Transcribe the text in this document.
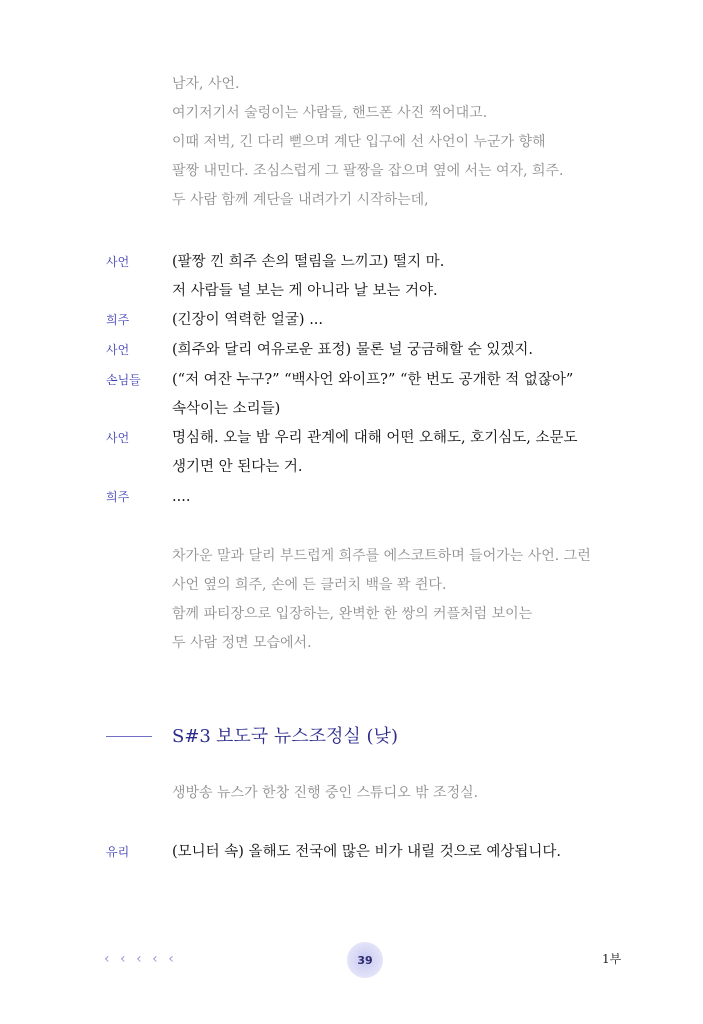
남자, 사언.
여기저기서 술렁이는 사람들, 핸드폰 사진 찍어대고.
이때 저벅, 긴 다리 뻗으며 계단 입구에 선 사언이 누군가 향해
팔짱 내민다. 조심스럽게 그 팔짱을 잡으며 옆에 서는 여자, 희주.
두 사람 함께 계단을 내려가기 시작하는데,
사언	(팔짱 낀 희주 손의 떨림을 느끼고) 떨지 마.
저 사람들 널 보는 게 아니라 날 보는 거야.
희주	(긴장이 역력한 얼굴) ...
사언	(희주와 달리 여유로운 표정) 물론 널 궁금해할 순 있겠지.
손님들	(“저 여잔 누구?” “백사언 와이프?” “한 번도 공개한 적 없잖아”
속삭이는 소리들)
사언	명심해. 오늘 밤 우리 관계에 대해 어떤 오해도, 호기심도, 소문도
생기면 안 된다는 거.
희주	....
차가운 말과 달리 부드럽게 희주를 에스코트하며 들어가는 사언. 그런
사언 옆의 희주, 손에 든 클러치 백을 꽉 쥔다.
함께 파티장으로 입장하는, 완벽한 한 쌍의 커플처럼 보이는
두 사람 정면 모습에서.
S#3 보도국 뉴스조정실 (낮)
생방송 뉴스가 한창 진행 중인 스튜디오 밖 조정실.
유리	(모니터 속) 올해도 전국에 많은 비가 내릴 것으로 예상됩니다.
‹ ‹ ‹ ‹ ‹	39	1부
